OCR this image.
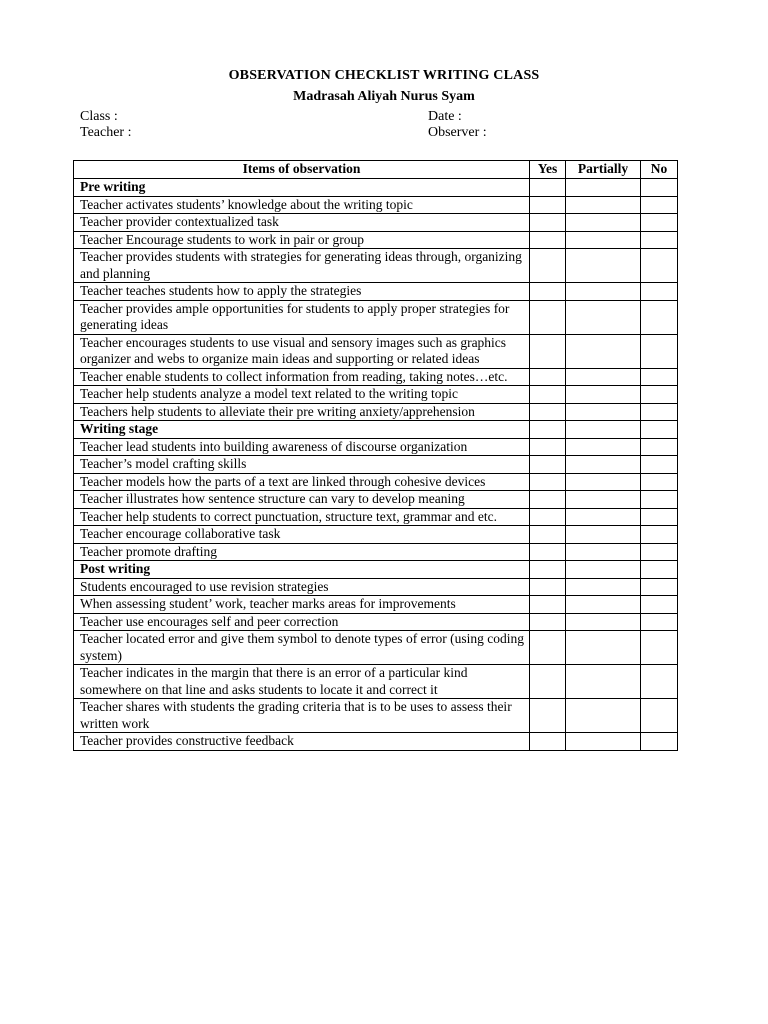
OBSERVATION CHECKLIST WRITING CLASS
Madrasah Aliyah Nurus Syam
Class :
Teacher :
Date :
Observer :
Items of observation	Yes	Partially	No
Pre writing			
Teacher activates students’ knowledge about the writing topic			
Teacher provider contextualized task			
Teacher Encourage students to work in pair or group			
Teacher provides students with strategies for generating ideas through, organizing and planning			
Teacher teaches students how to apply the strategies			
Teacher provides ample opportunities for students to apply proper strategies for generating ideas			
Teacher encourages students to use visual and sensory images such as graphics organizer and webs to organize main ideas and supporting or related ideas			
Teacher enable students to collect information from reading, taking notes…etc.			
Teacher help students analyze a model text related to the writing topic			
Teachers help students to alleviate their pre writing anxiety/apprehension			
Writing stage			
Teacher lead students into building awareness of discourse organization			
Teacher’s model crafting skills			
Teacher models how the parts of a text are linked through cohesive devices			
Teacher illustrates how sentence structure can vary to develop meaning			
Teacher help students to correct punctuation, structure text, grammar and etc.			
Teacher encourage collaborative task			
Teacher promote drafting			
Post writing			
Students encouraged to use revision strategies			
When assessing student’ work, teacher marks areas for improvements			
Teacher use encourages self and peer correction			
Teacher located error and give them symbol to denote types of error (using coding system)			
Teacher indicates in the margin that there is an error of a particular kind somewhere on that line and asks students to locate it and correct it			
Teacher shares with students the grading criteria that is to be uses to assess their written work			
Teacher provides constructive feedback			
